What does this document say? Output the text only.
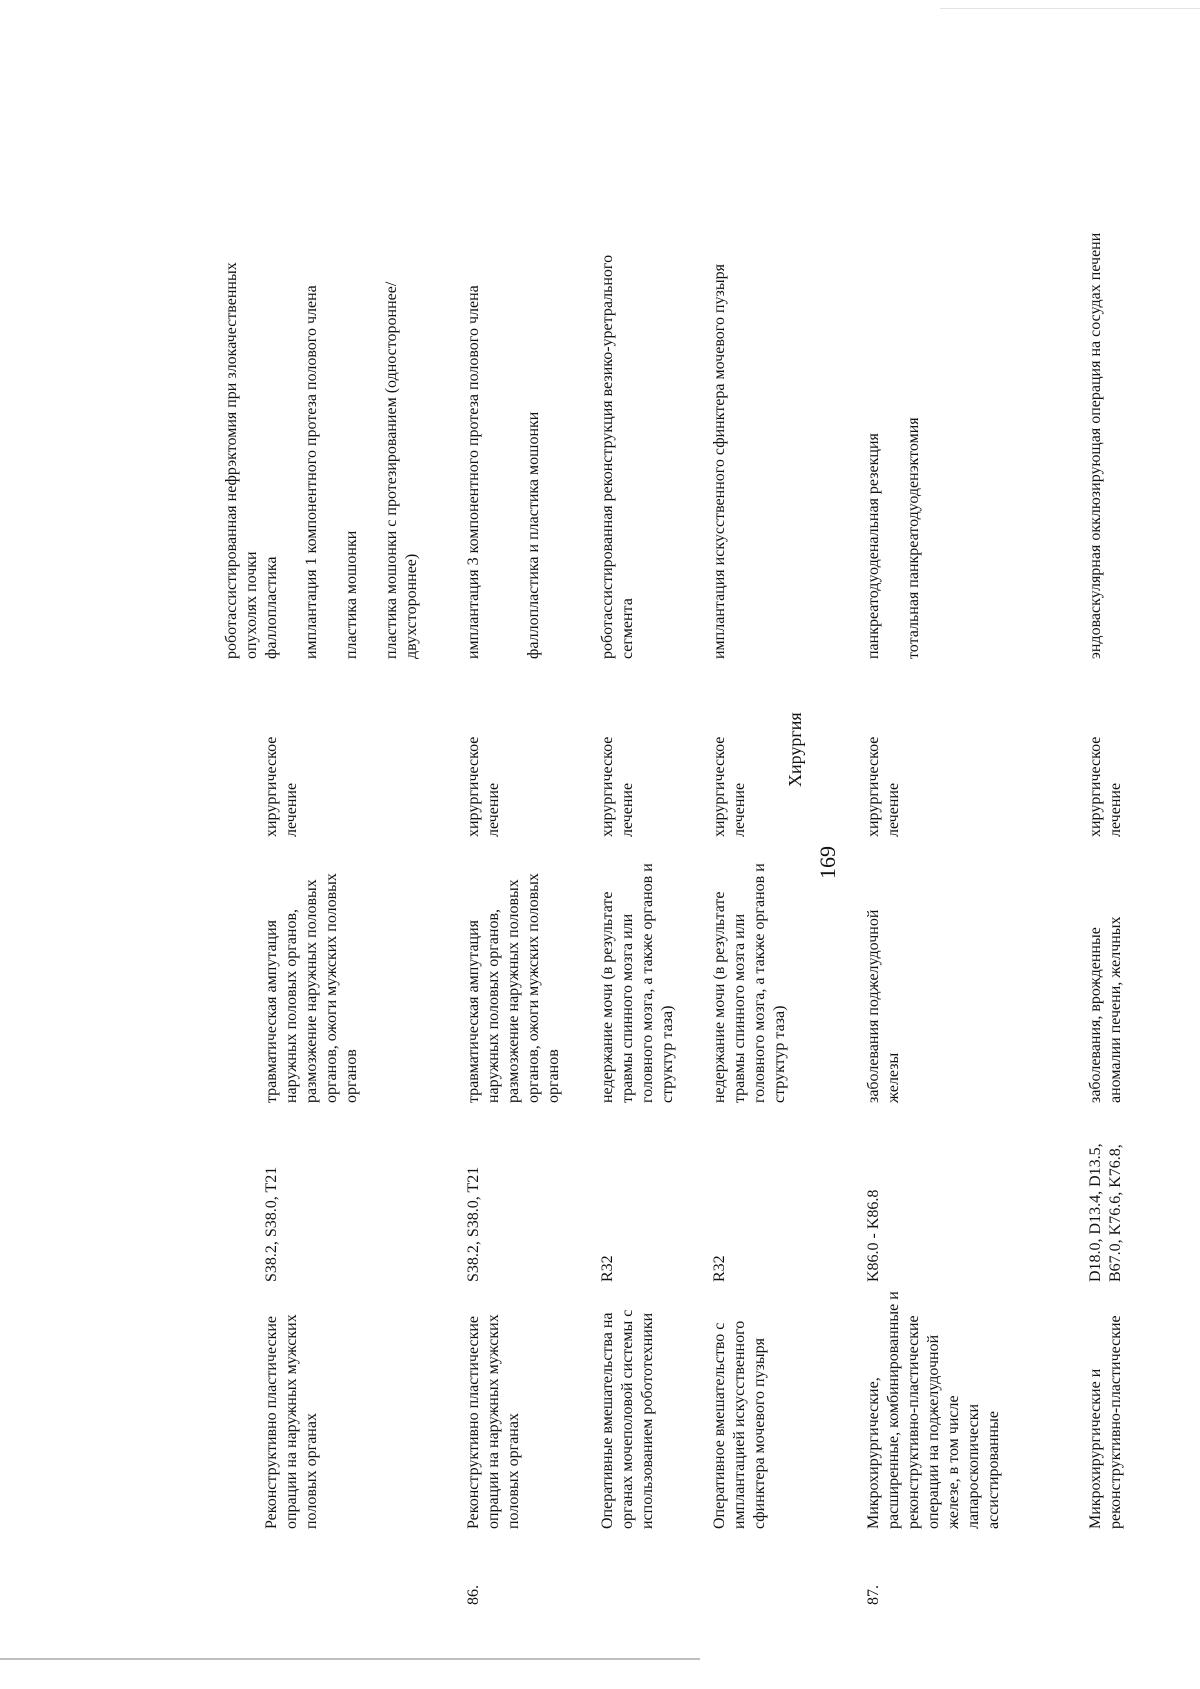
169
роботассистированная нефрэктомия при злокачественных опухолях почки
Реконструктивно пластические опрации на наружных мужских половых органах
S38.2, S38.0, T21
травматическая ампутация наружных половых органов, размозжение наружных половых органов, ожоги мужских половых органов
хирургическое лечение
фаллопластика имплантация 1 компонентного протеза полового члена пластика мошонки пластика мошонки с протезированием (одностороннее/двухстороннее)
86.
Реконструктивно пластические опрации на наружных мужских половых органах
S38.2, S38.0, T21
травматическая ампутация наружных половых органов, размозжение наружных половых органов, ожоги мужских половых органов
хирургическое лечение
имплантация 3 компонентного протеза полового члена	фаллопластика и пластика мошонки
Оперативные вмешательства на органах мочеполовой системы с использованием робототехники
R32
недержание мочи (в результате травмы спинного мозга или головного мозга, а также органов и структур таза)
хирургическое лечение
роботассистированная реконструкция везико-уретрального сегмента
Оперативное вмешательство с имплантацией искусственного сфинктера мочевого пузыря
R32
недержание мочи (в результате травмы спинного мозга или головного мозга, а также органов и структур таза)
хирургическое лечение
имплантация искусственного сфинктера мочевого пузыря
Хирургия
87.
Микрохирургические, расширенные, комбинированные и реконструктивно-пластические операции на поджелудочной железе, в том числе лапароскопически ассистированные
K86.0 - K86.8
заболевания поджелудочной железы
хирургическое лечение
панкреатодуоденальная резекция тотальная панкреатодуоденэктомия
Микрохирургические и реконструктивно-пластические
D18.0, D13.4, D13.5, B67.0, K76.6, K76.8,
заболевания, врожденные аномалии печени, желчных
хирургическое лечение
эндоваскулярная окклюзирующая операция на сосудах печени
